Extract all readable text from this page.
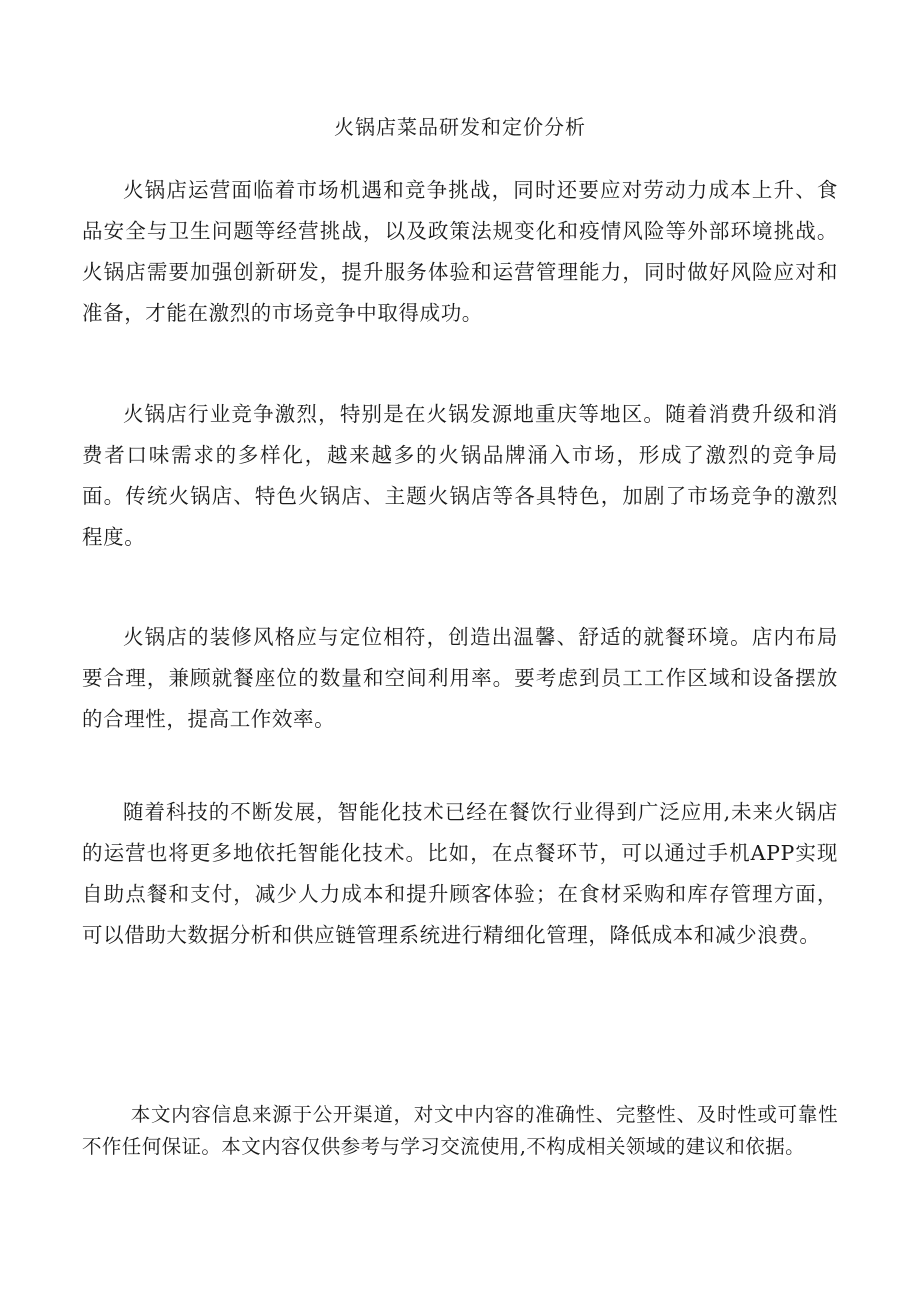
火锅店菜品研发和定价分析

火锅店运营面临着市场机遇和竞争挑战，同时还要应对劳动力成本上升、食品安全与卫生问题等经营挑战，以及政策法规变化和疫情风险等外部环境挑战。火锅店需要加强创新研发，提升服务体验和运营管理能力，同时做好风险应对和准备，才能在激烈的市场竞争中取得成功。

火锅店行业竞争激烈，特别是在火锅发源地重庆等地区。随着消费升级和消费者口味需求的多样化，越来越多的火锅品牌涌入市场，形成了激烈的竞争局面。传统火锅店、特色火锅店、主题火锅店等各具特色，加剧了市场竞争的激烈程度。

火锅店的装修风格应与定位相符，创造出温馨、舒适的就餐环境。店内布局要合理，兼顾就餐座位的数量和空间利用率。要考虑到员工工作区域和设备摆放的合理性，提高工作效率。

随着科技的不断发展，智能化技术已经在餐饮行业得到广泛应用,未来火锅店的运营也将更多地依托智能化技术。比如，在点餐环节，可以通过手机APP实现自助点餐和支付，减少人力成本和提升顾客体验；在食材采购和库存管理方面，可以借助大数据分析和供应链管理系统进行精细化管理，降低成本和减少浪费。

本文内容信息来源于公开渠道，对文中内容的准确性、完整性、及时性或可靠性不作任何保证。本文内容仅供参考与学习交流使用,不构成相关领域的建议和依据。
